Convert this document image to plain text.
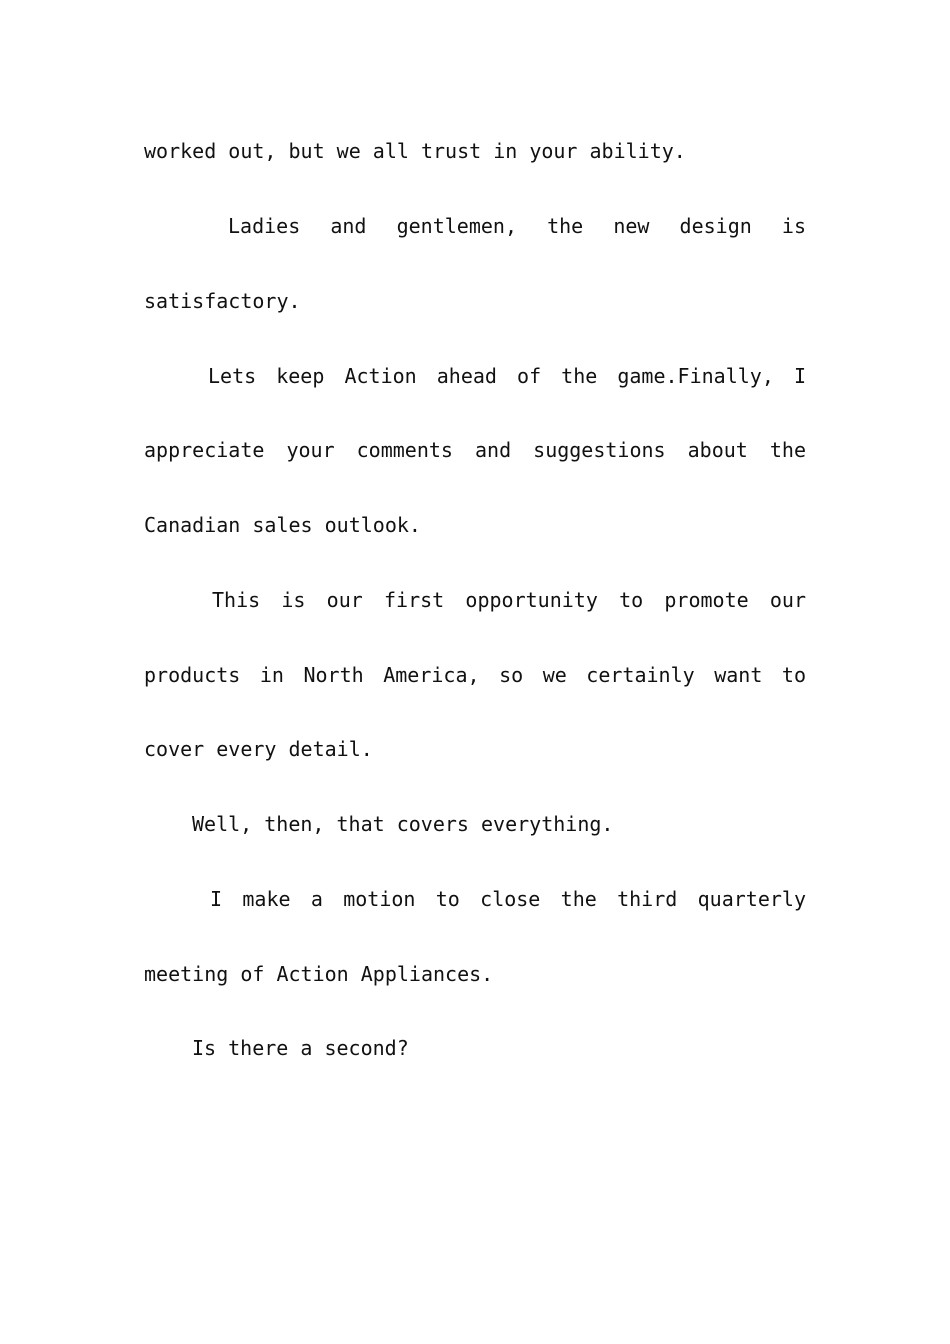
worked out, but we all trust in your ability.
Ladies and gentlemen, the new design is
satisfactory.
Lets keep Action ahead of the game.Finally, I
appreciate your comments and suggestions about the
Canadian sales outlook.
This is our first opportunity to promote our
products in North America, so we certainly want to
cover every detail.
Well, then, that covers everything.
I make a motion to close the third quarterly
meeting of Action Appliances.
Is there a second?
